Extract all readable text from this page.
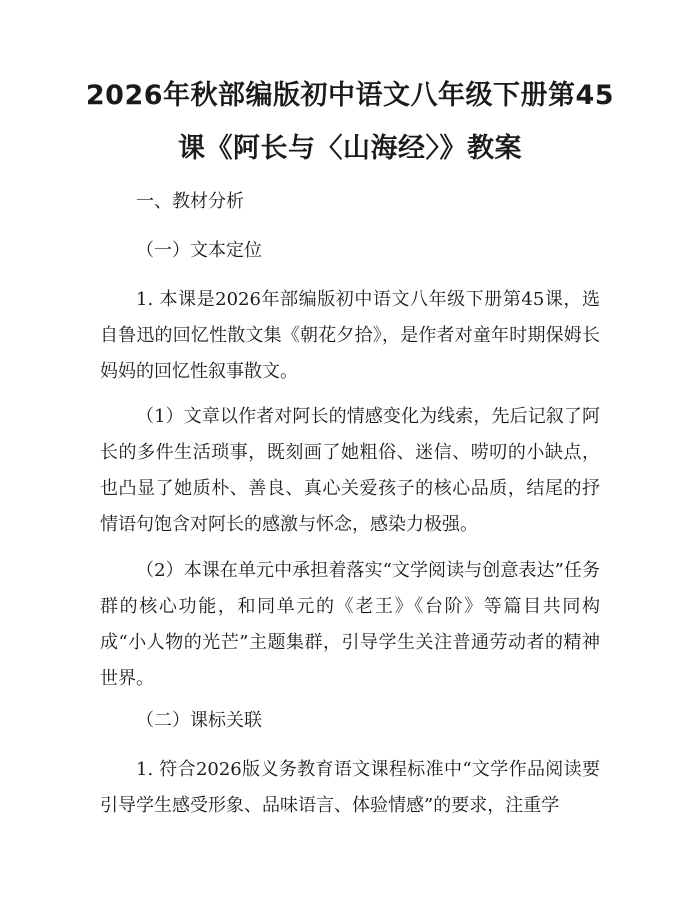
2026年秋部编版初中语文八年级下册第45
课《阿长与〈山海经〉》教案

一、教材分析

（一）文本定位

1. 本课是2026年部编版初中语文八年级下册第45课，选自鲁迅的回忆性散文集《朝花夕拾》，是作者对童年时期保姆长妈妈的回忆性叙事散文。

（1）文章以作者对阿长的情感变化为线索，先后记叙了阿长的多件生活琐事，既刻画了她粗俗、迷信、唠叨的小缺点，也凸显了她质朴、善良、真心关爱孩子的核心品质，结尾的抒情语句饱含对阿长的感激与怀念，感染力极强。

（2）本课在单元中承担着落实“文学阅读与创意表达”任务群的核心功能，和同单元的《老王》《台阶》等篇目共同构成“小人物的光芒”主题集群，引导学生关注普通劳动者的精神世界。

（二）课标关联

1. 符合2026版义务教育语文课程标准中“文学作品阅读要引导学生感受形象、品味语言、体验情感”的要求，注重学
